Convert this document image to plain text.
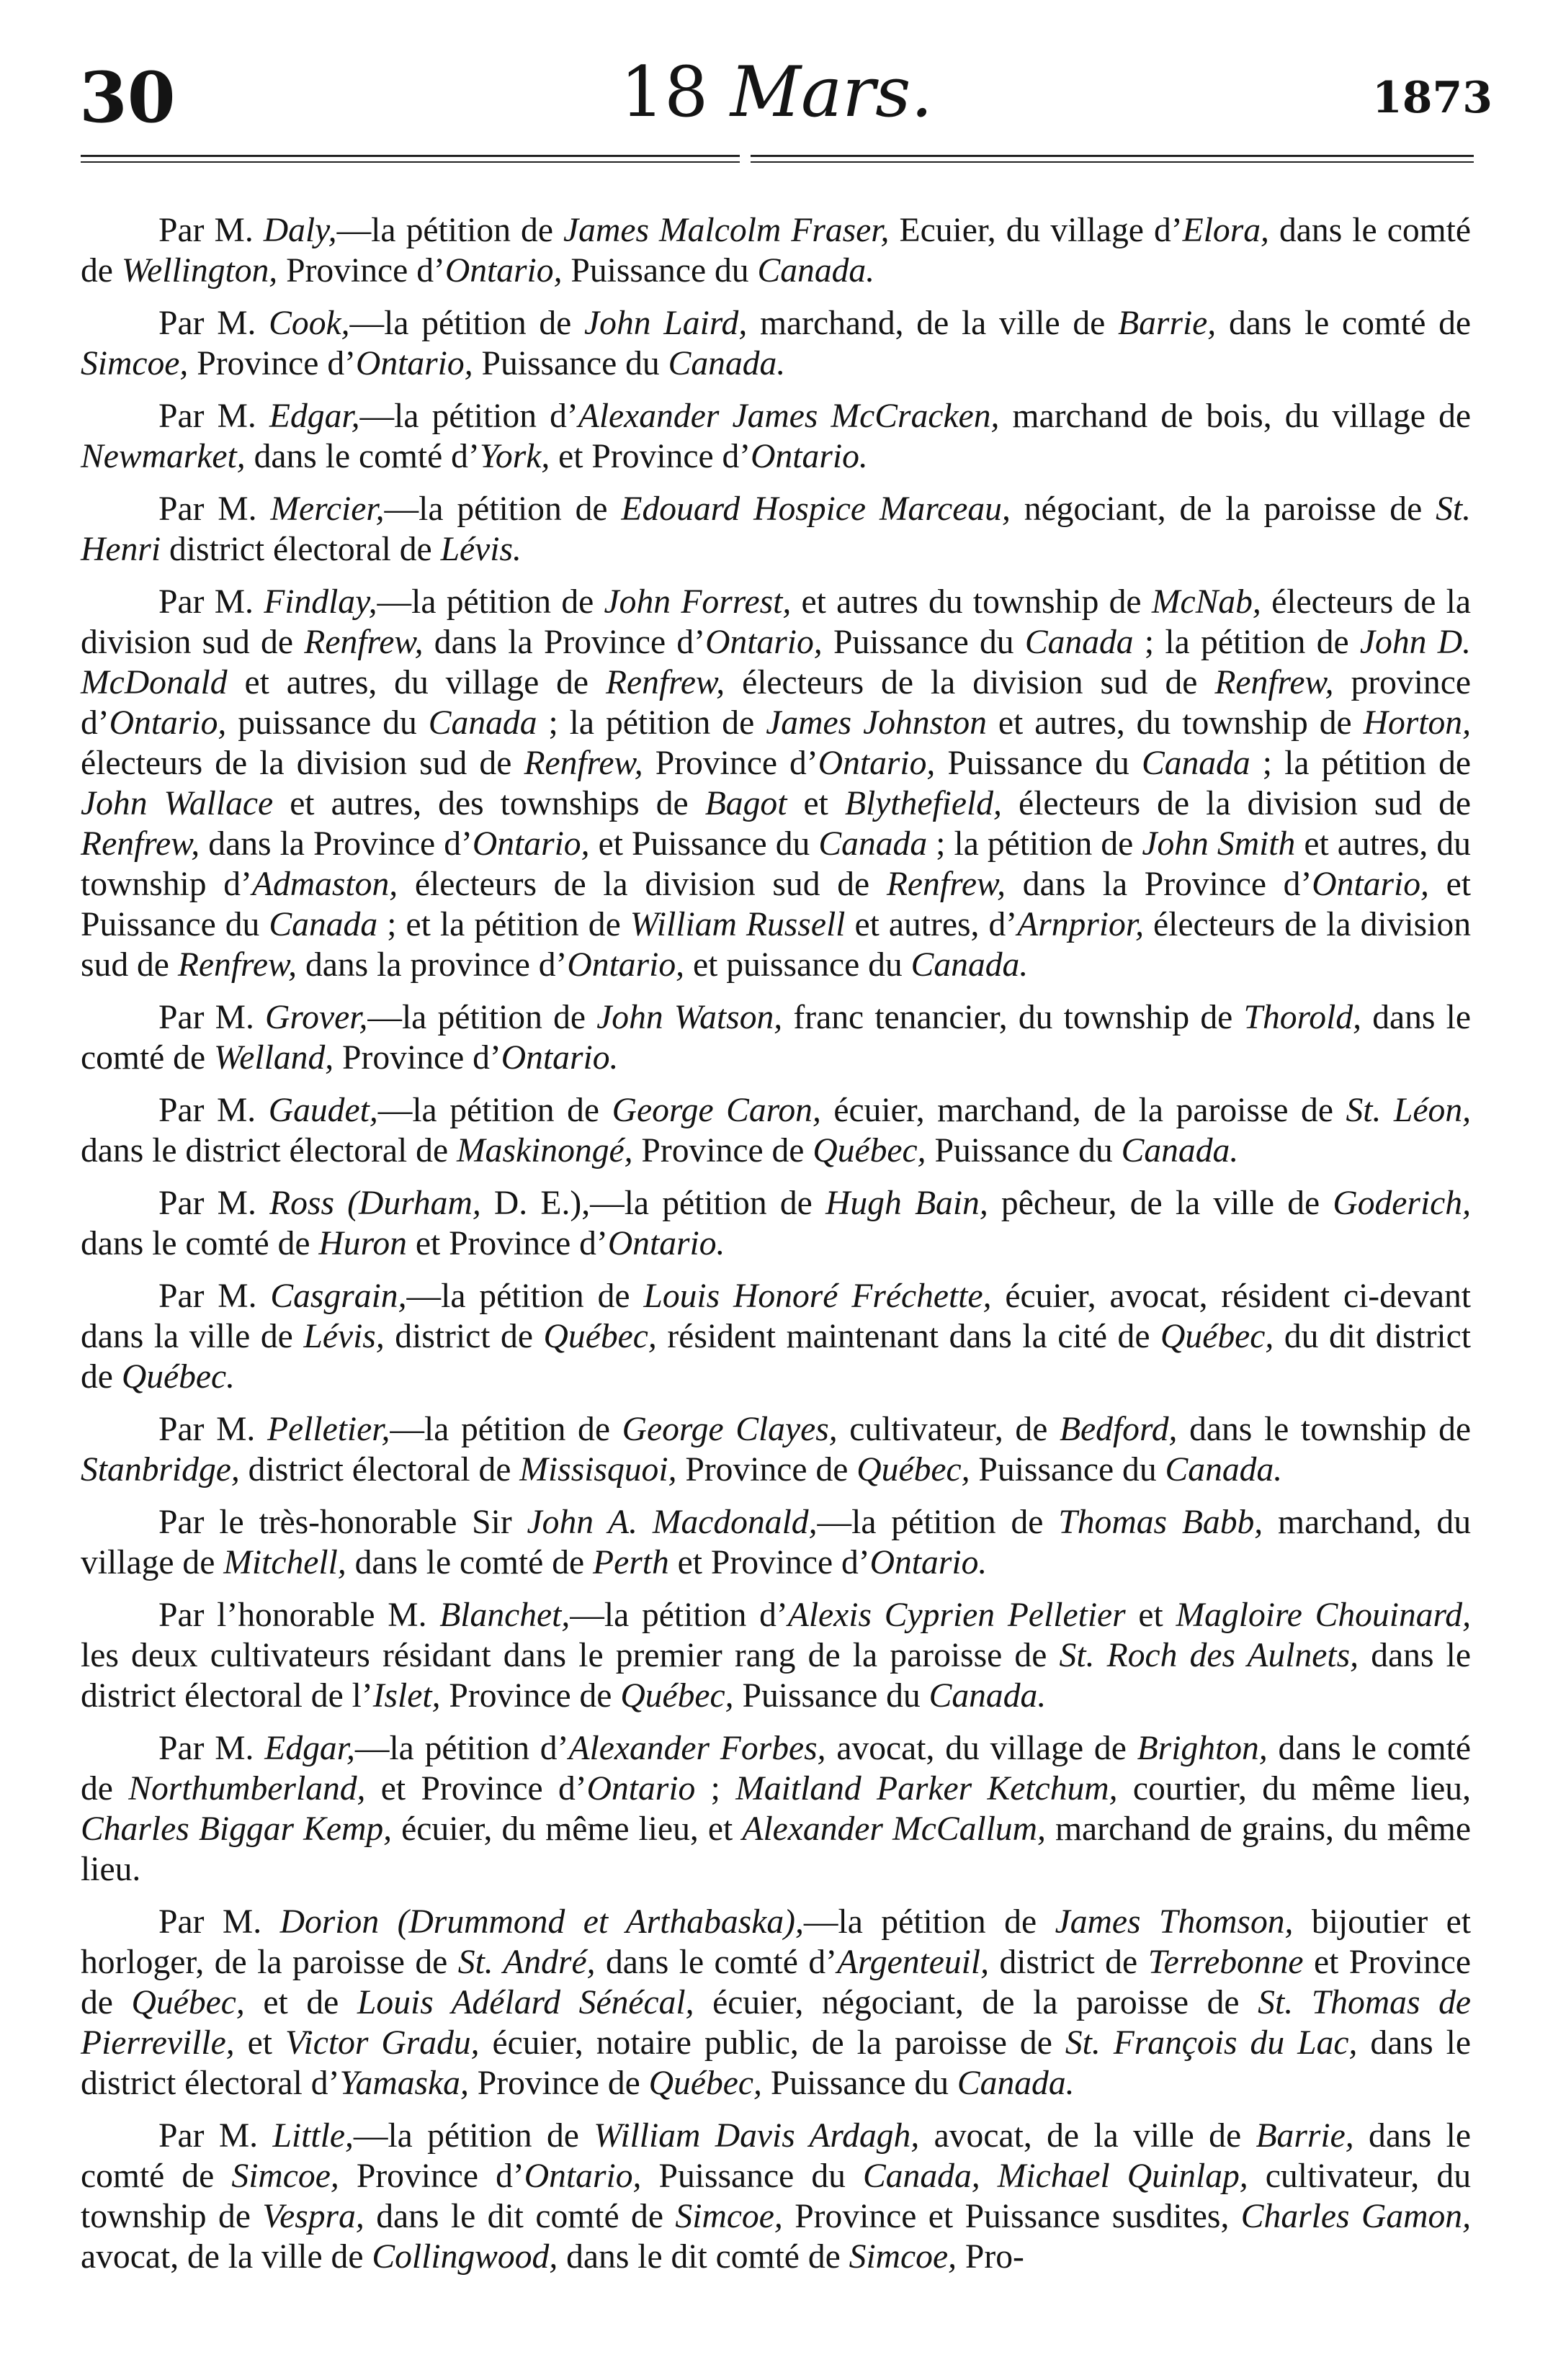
30	18 Mars.	1873

Par M. Daly,—la pétition de James Malcolm Fraser, Ecuier, du village d’Elora, dans le comté de Wellington, Province d’Ontario, Puissance du Canada.

Par M. Cook,—la pétition de John Laird, marchand, de la ville de Barrie, dans le comté de Simcoe, Province d’Ontario, Puissance du Canada.

Par M. Edgar,—la pétition d’Alexander James McCracken, marchand de bois, du village de Newmarket, dans le comté d’York, et Province d’Ontario.

Par M. Mercier,—la pétition de Edouard Hospice Marceau, négociant, de la paroisse de St. Henri district électoral de Lévis.

Par M. Findlay,—la pétition de John Forrest, et autres du township de McNab, électeurs de la division sud de Renfrew, dans la Province d’Ontario, Puissance du Canada ; la pétition de John D. McDonald et autres, du village de Renfrew, électeurs de la division sud de Renfrew, province d’Ontario, puissance du Canada ; la pétition de James Johnston et autres, du township de Horton, électeurs de la division sud de Renfrew, Province d’Ontario, Puissance du Canada ; la pétition de John Wallace et autres, des townships de Bagot et Blythefield, électeurs de la division sud de Renfrew, dans la Province d’Ontario, et Puissance du Canada ; la pétition de John Smith et autres, du township d’Admaston, électeurs de la division sud de Renfrew, dans la Province d’Ontario, et Puissance du Canada ; et la pétition de William Russell et autres, d’Arnprior, électeurs de la division sud de Renfrew, dans la province d’Ontario, et puissance du Canada.

Par M. Grover,—la pétition de John Watson, franc tenancier, du township de Thorold, dans le comté de Welland, Province d’Ontario.

Par M. Gaudet,—la pétition de George Caron, écuier, marchand, de la paroisse de St. Léon, dans le district électoral de Maskinongé, Province de Québec, Puissance du Canada.

Par M. Ross (Durham, D. E.),—la pétition de Hugh Bain, pêcheur, de la ville de Goderich, dans le comté de Huron et Province d’Ontario.

Par M. Casgrain,—la pétition de Louis Honoré Fréchette, écuier, avocat, résident ci-devant dans la ville de Lévis, district de Québec, résident maintenant dans la cité de Québec, du dit district de Québec.

Par M. Pelletier,—la pétition de George Clayes, cultivateur, de Bedford, dans le township de Stanbridge, district électoral de Missisquoi, Province de Québec, Puissance du Canada.

Par le très-honorable Sir John A. Macdonald,—la pétition de Thomas Babb, marchand, du village de Mitchell, dans le comté de Perth et Province d’Ontario.

Par l’honorable M. Blanchet,—la pétition d’Alexis Cyprien Pelletier et Magloire Chouinard, les deux cultivateurs résidant dans le premier rang de la paroisse de St. Roch des Aulnets, dans le district électoral de l’Islet, Province de Québec, Puissance du Canada.

Par M. Edgar,—la pétition d’Alexander Forbes, avocat, du village de Brighton, dans le comté de Northumberland, et Province d’Ontario ; Maitland Parker Ketchum, courtier, du même lieu, Charles Biggar Kemp, écuier, du même lieu, et Alexander McCallum, marchand de grains, du même lieu.

Par M. Dorion (Drummond et Arthabaska),—la pétition de James Thomson, bijoutier et horloger, de la paroisse de St. André, dans le comté d’Argenteuil, district de Terrebonne et Province de Québec, et de Louis Adélard Sénécal, écuier, négociant, de la paroisse de St. Thomas de Pierreville, et Victor Gradu, écuier, notaire public, de la paroisse de St. François du Lac, dans le district électoral d’Yamaska, Province de Québec, Puissance du Canada.

Par M. Little,—la pétition de William Davis Ardagh, avocat, de la ville de Barrie, dans le comté de Simcoe, Province d’Ontario, Puissance du Canada, Michael Quinlap, cultivateur, du township de Vespra, dans le dit comté de Simcoe, Province et Puissance susdites, Charles Gamon, avocat, de la ville de Collingwood, dans le dit comté de Simcoe, Pro-
